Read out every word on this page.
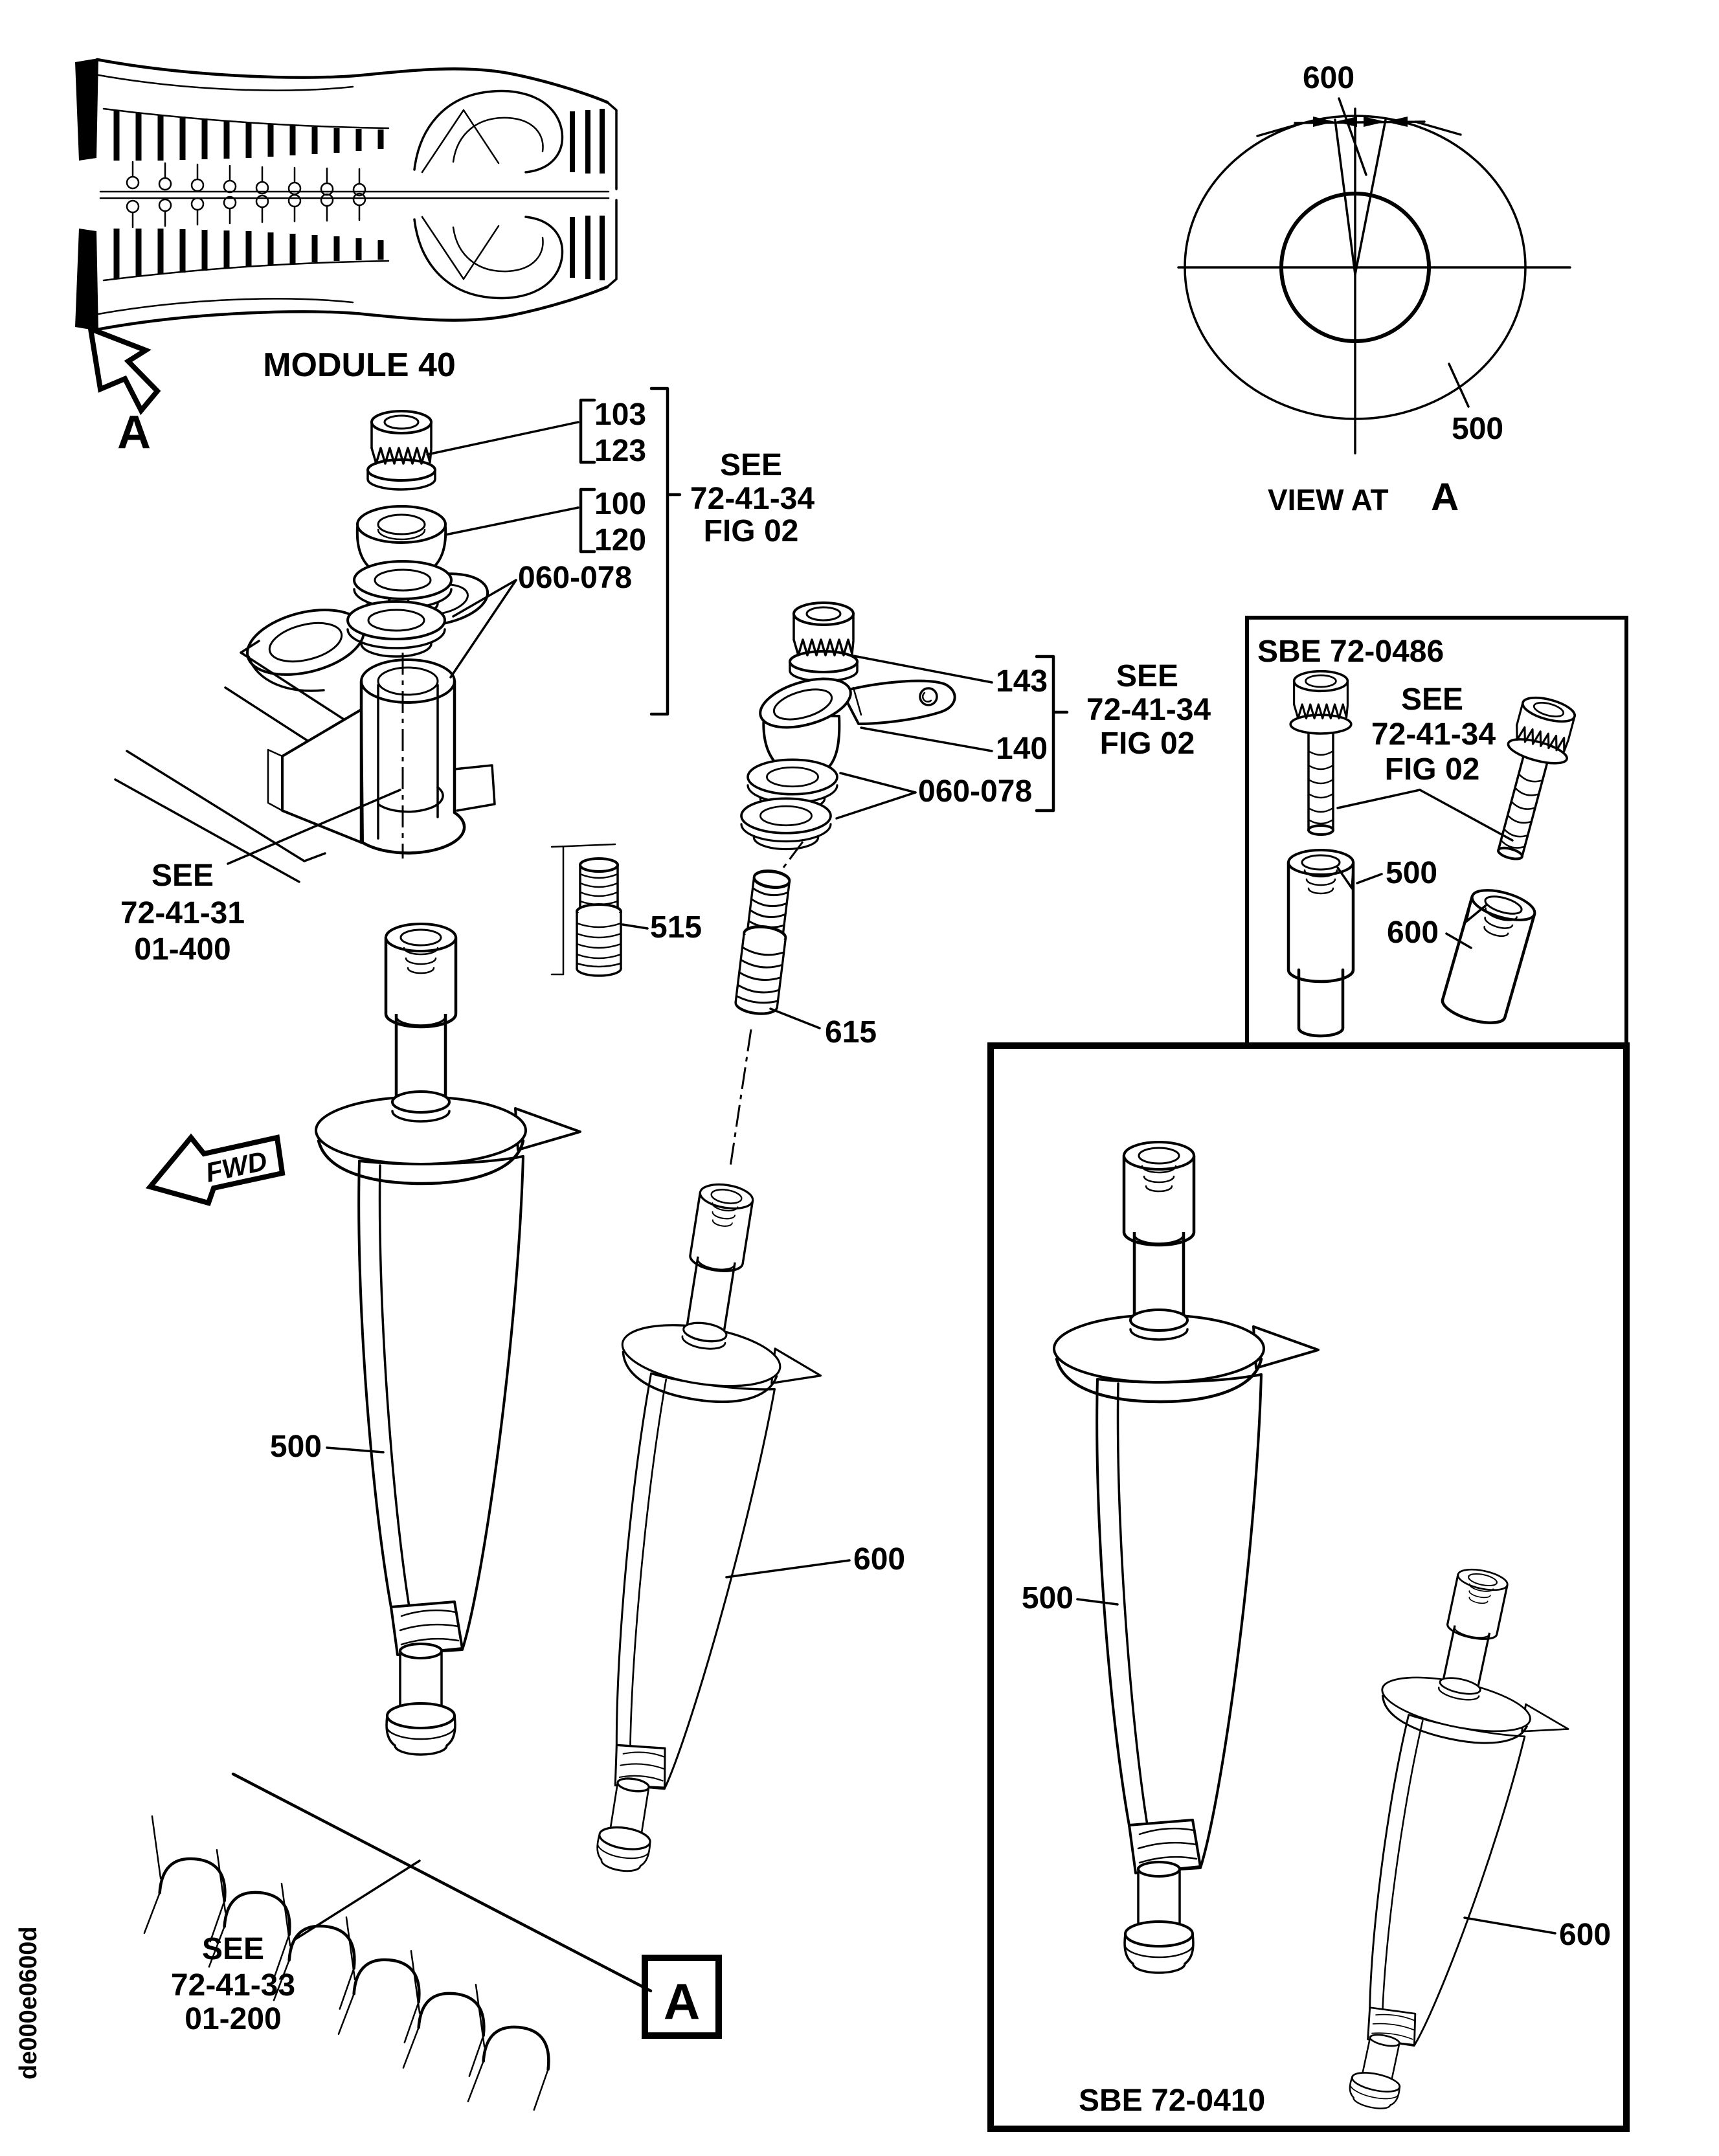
MODULE 40
A
600
500
VIEW AT A
103
123
100
120
060-078
SEE
72-41-34
FIG 02
143
140
060-078
SEE
72-41-34
FIG 02
SEE
72-41-31
01-400
515
615
500
600
FWD
SEE
72-41-33
01-200	A
SBE 72-0486
SEE
72-41-34
FIG 02
500
600
500
600
SBE 72-0410
de000e0600d
